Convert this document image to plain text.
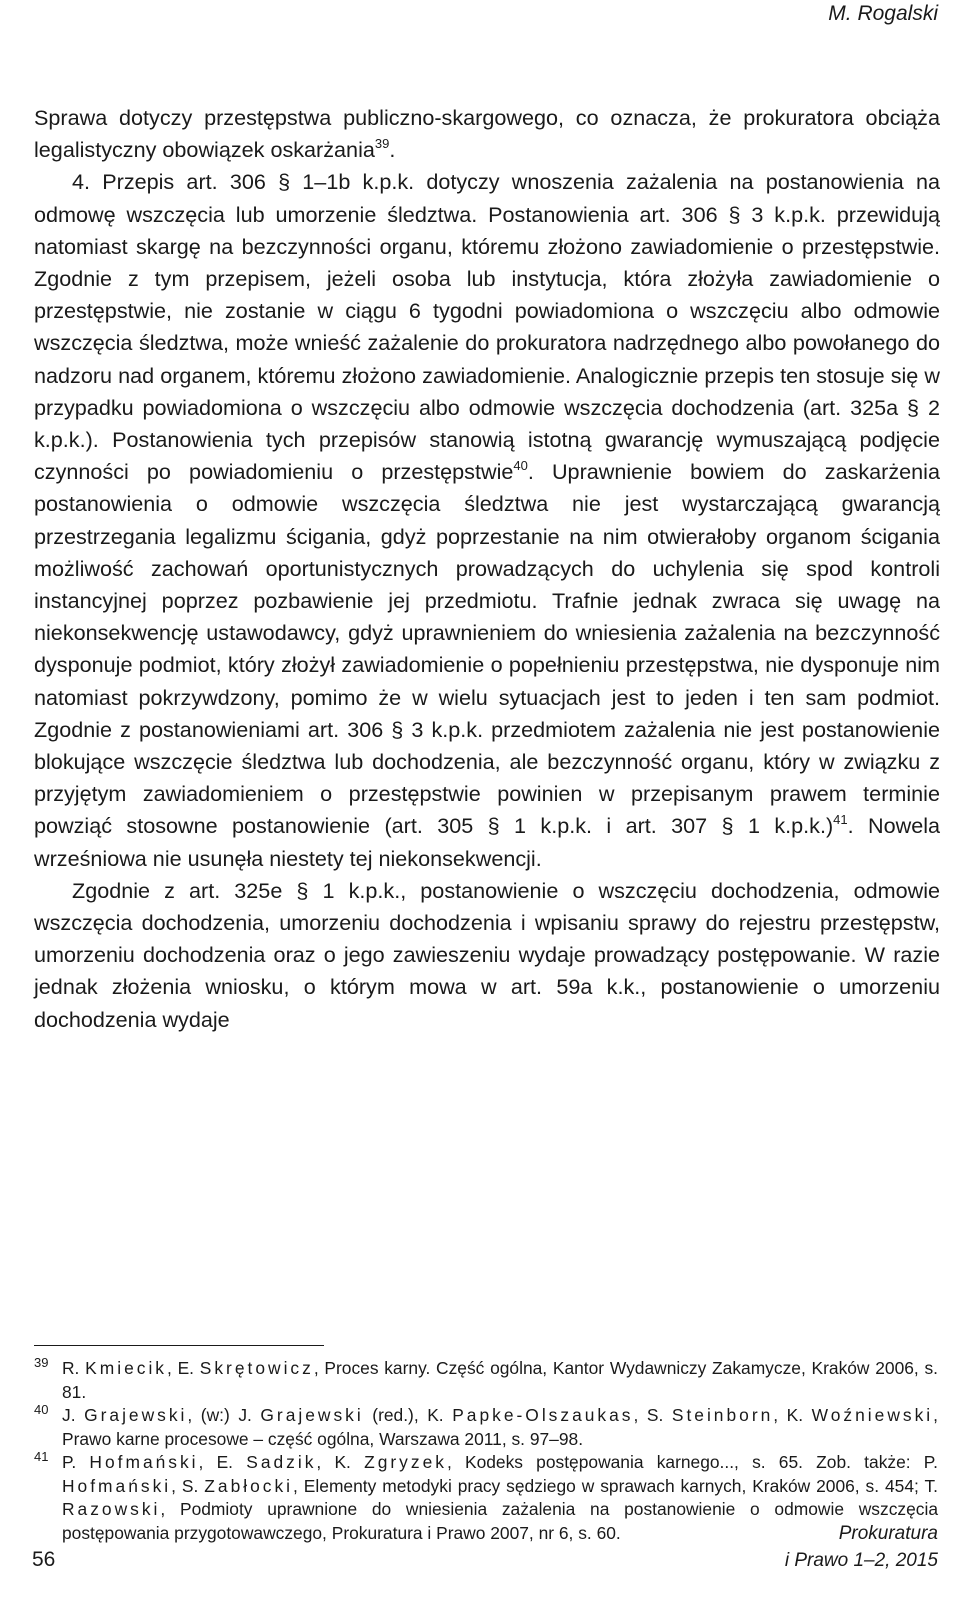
M. Rogalski

Sprawa dotyczy przestępstwa publiczno-skargowego, co oznacza, że prokuratora obciąża legalistyczny obowiązek oskarżania$^{39}$.

4. Przepis art. 306 § 1–1b k.p.k. dotyczy wnoszenia zażalenia na postanowienia na odmowę wszczęcia lub umorzenie śledztwa. Postanowienia art. 306 § 3 k.p.k. przewidują natomiast skargę na bezczynności organu, któremu złożono zawiadomienie o przestępstwie. Zgodnie z tym przepisem, jeżeli osoba lub instytucja, która złożyła zawiadomienie o przestępstwie, nie zostanie w ciągu 6 tygodni powiadomiona o wszczęciu albo odmowie wszczęcia śledztwa, może wnieść zażalenie do prokuratora nadrzędnego albo powołanego do nadzoru nad organem, któremu złożono zawiadomienie. Analogicznie przepis ten stosuje się w przypadku powiadomiona o wszczęciu albo odmowie wszczęcia dochodzenia (art. 325a § 2 k.p.k.). Postanowienia tych przepisów stanowią istotną gwarancję wymuszającą podjęcie czynności po powiadomieniu o przestępstwie$^{40}$. Uprawnienie bowiem do zaskarżenia postanowienia o odmowie wszczęcia śledztwa nie jest wystarczającą gwarancją przestrzegania legalizmu ścigania, gdyż poprzestanie na nim otwierałoby organom ścigania możliwość zachowań oportunistycznych prowadzących do uchylenia się spod kontroli instancyjnej poprzez pozbawienie jej przedmiotu. Trafnie jednak zwraca się uwagę na niekonsekwencję ustawodawcy, gdyż uprawnieniem do wniesienia zażalenia na bezczynność dysponuje podmiot, który złożył zawiadomienie o popełnieniu przestępstwa, nie dysponuje nim natomiast pokrzywdzony, pomimo że w wielu sytuacjach jest to jeden i ten sam podmiot. Zgodnie z postanowieniami art. 306 § 3 k.p.k. przedmiotem zażalenia nie jest postanowienie blokujące wszczęcie śledztwa lub dochodzenia, ale bezczynność organu, który w związku z przyjętym zawiadomieniem o przestępstwie powinien w przepisanym prawem terminie powziąć stosowne postanowienie (art. 305 § 1 k.p.k. i art. 307 § 1 k.p.k.)$^{41}$. Nowela wrześniowa nie usunęła niestety tej niekonsekwencji.

Zgodnie z art. 325e § 1 k.p.k., postanowienie o wszczęciu dochodzenia, odmowie wszczęcia dochodzenia, umorzeniu dochodzenia i wpisaniu sprawy do rejestru przestępstw, umorzeniu dochodzenia oraz o jego zawieszeniu wydaje prowadzący postępowanie. W razie jednak złożenia wniosku, o którym mowa w art. 59a k.k., postanowienie o umorzeniu dochodzenia wydaje

39 R. Kmiecik, E. Skrętowicz, Proces karny. Część ogólna, Kantor Wydawniczy Zakamycze, Kraków 2006, s. 81.

40 J. Grajewski, (w:) J. Grajewski (red.), K. Papke-Olszaukas, S. Steinborn, K. Woźniewski, Prawo karne procesowe – część ogólna, Warszawa 2011, s. 97–98.

41 P. Hofmański, E. Sadzik, K. Zgryzek, Kodeks postępowania karnego..., s. 65. Zob. także: P. Hofmański, S. Zabłocki, Elementy metodyki pracy sędziego w sprawach karnych, Kraków 2006, s. 454; T. Razowski, Podmioty uprawnione do wniesienia zażalenia na postanowienie o odmowie wszczęcia postępowania przygotowawczego, Prokuratura i Prawo 2007, nr 6, s. 60.

56
Prokuratura
i Prawo 1–2, 2015
